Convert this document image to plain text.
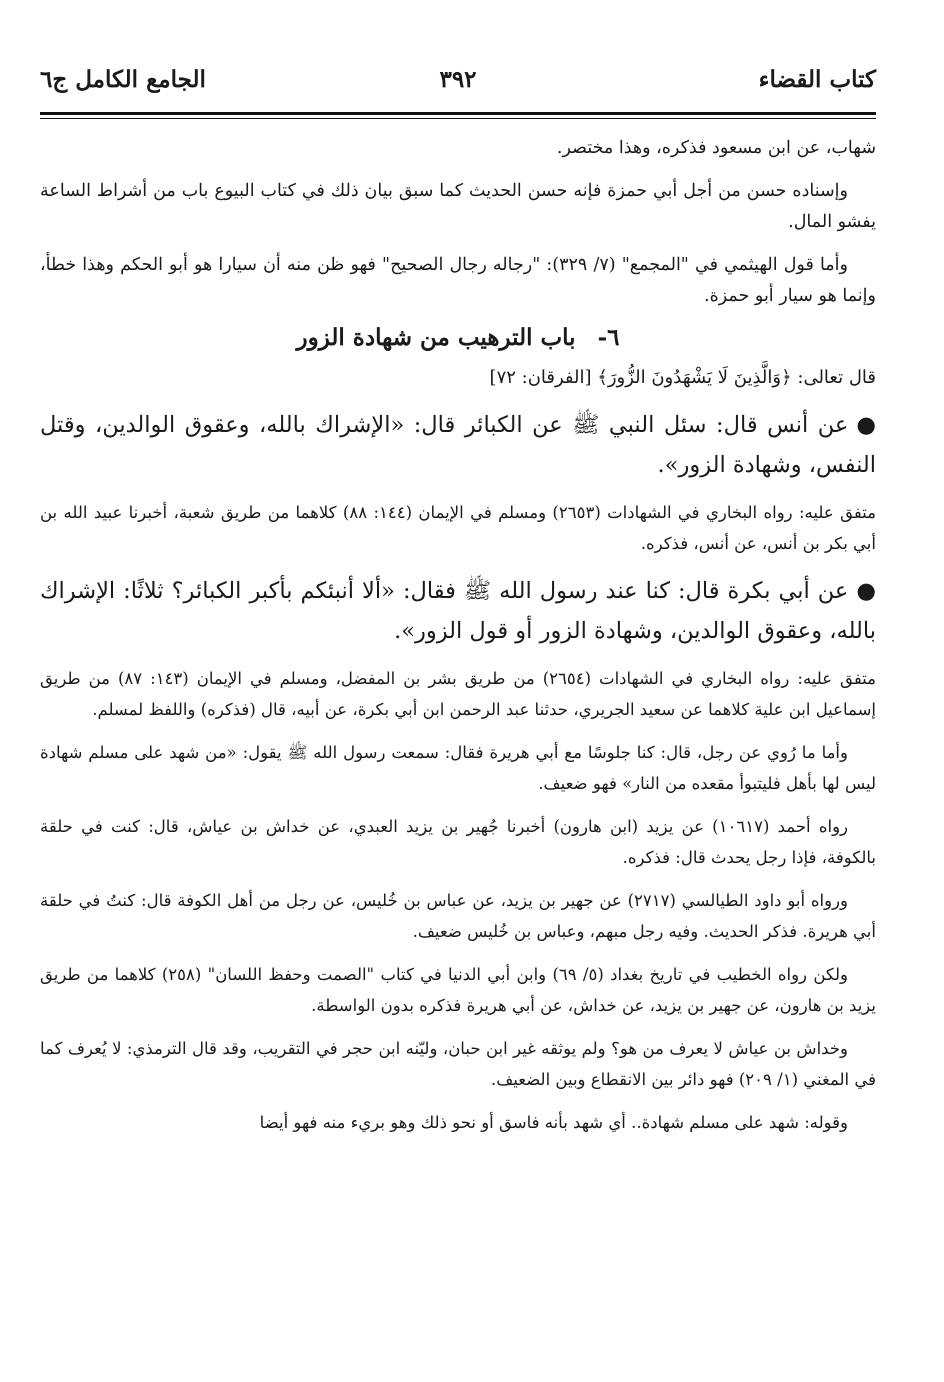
كتاب القضاء
٣٩٢
الجامع الكامل ج٦

شهاب، عن ابن مسعود فذكره، وهذا مختصر.

وإسناده حسن من أجل أبي حمزة فإنه حسن الحديث كما سبق بيان ذلك في كتاب البيوع باب من أشراط الساعة يفشو المال.

وأما قول الهيثمي في "المجمع" (٧/ ٣٢٩): "رجاله رجال الصحيح" فهو ظن منه أن سيارا هو أبو الحكم وهذا خطأ، وإنما هو سيار أبو حمزة.

٦- باب الترهيب من شهادة الزور

قال تعالى: ﴿وَالَّذِينَ لَا يَشْهَدُونَ الزُّورَ﴾ [الفرقان: ٧٢]

●عن أنس قال: سئل النبي ﷺ عن الكبائر قال: «الإشراك بالله، وعقوق الوالدين، وقتل النفس، وشهادة الزور».

متفق عليه: رواه البخاري في الشهادات (٢٦٥٣) ومسلم في الإيمان (١٤٤: ٨٨) كلاهما من طريق شعبة، أخبرنا عبيد الله بن أبي بكر بن أنس، عن أنس، فذكره.

●عن أبي بكرة قال: كنا عند رسول الله ﷺ فقال: «ألا أنبئكم بأكبر الكبائر؟ ثلاثًا: الإشراك بالله، وعقوق الوالدين، وشهادة الزور أو قول الزور».

متفق عليه: رواه البخاري في الشهادات (٢٦٥٤) من طريق بشر بن المفضل، ومسلم في الإيمان (١٤٣: ٨٧) من طريق إسماعيل ابن علية كلاهما عن سعيد الجريري، حدثنا عبد الرحمن ابن أبي بكرة، عن أبيه، قال (فذكره) واللفظ لمسلم.

وأما ما رُوي عن رجل، قال: كنا جلوسًا مع أبي هريرة فقال: سمعت رسول الله ﷺ يقول: «من شهد على مسلم شهادة ليس لها بأهل فليتبوأ مقعده من النار» فهو ضعيف.

رواه أحمد (١٠٦١٧) عن يزيد (ابن هارون) أخبرنا جُهير بن يزيد العبدي، عن خداش بن عياش، قال: كنت في حلقة بالكوفة، فإذا رجل يحدث قال: فذكره.

ورواه أبو داود الطيالسي (٢٧١٧) عن جهير بن يزيد، عن عباس بن خُليس، عن رجل من أهل الكوفة قال: كنتُ في حلقة أبي هريرة. فذكر الحديث. وفيه رجل مبهم، وعباس بن خُليس ضعيف.

ولكن رواه الخطيب في تاريخ بغداد (٥/ ٦٩) وابن أبي الدنيا في كتاب "الصمت وحفظ اللسان" (٢٥٨) كلاهما من طريق يزيد بن هارون، عن جهير بن يزيد، عن خداش، عن أبي هريرة فذكره بدون الواسطة.

وخداش بن عياش لا يعرف من هو؟ ولم يوثقه غير ابن حبان، وليّنه ابن حجر في التقريب، وقد قال الترمذي: لا يُعرف كما في المغني (١/ ٢٠٩) فهو دائر بين الانقطاع وبين الضعيف.

وقوله: شهد على مسلم شهادة.. أي شهد بأنه فاسق أو نحو ذلك وهو بريء منه فهو أيضا
